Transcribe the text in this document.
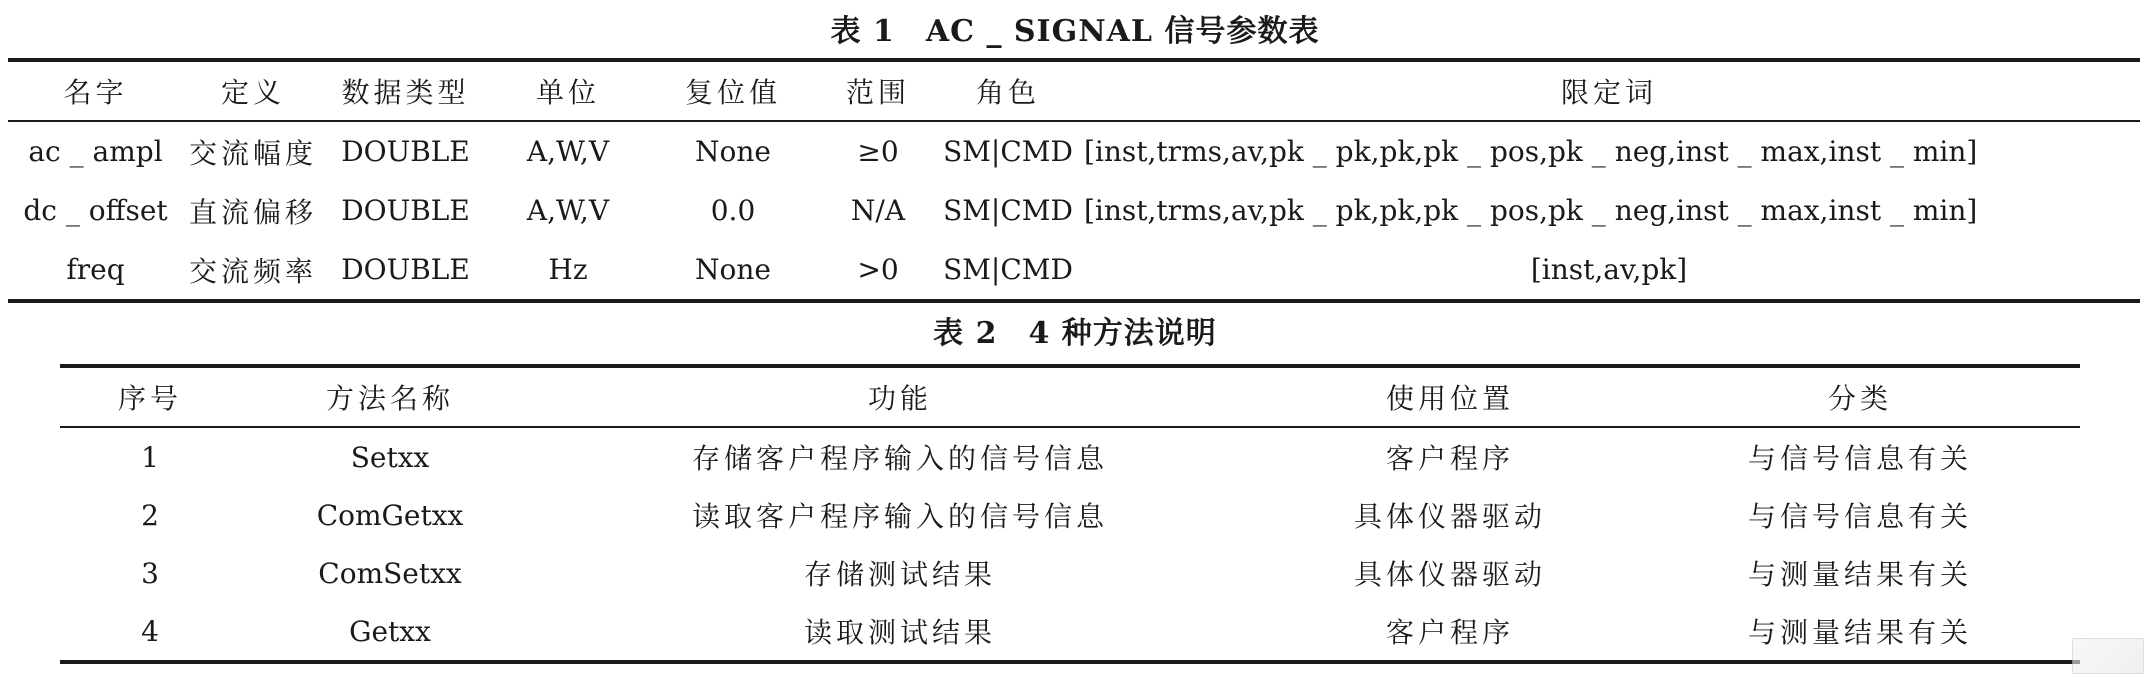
表 1　AC _ SIGNAL 信号参数表
名字	定义	数据类型	单位	复位值	范围	角色	限定词
ac _ ampl	交流幅度	DOUBLE	A,W,V	None	≥0	SM|CMD	[inst,trms,av,pk _ pk,pk,pk _ pos,pk _ neg,inst _ max,inst _ min]
dc _ offset	直流偏移	DOUBLE	A,W,V	0.0	N/A	SM|CMD	[inst,trms,av,pk _ pk,pk,pk _ pos,pk _ neg,inst _ max,inst _ min]
freq	交流频率	DOUBLE	Hz	None	>0	SM|CMD	[inst,av,pk]
表 2　4 种方法说明
序号	方法名称	功能	使用位置	分类
1	Setxx	存储客户程序输入的信号信息	客户程序	与信号信息有关
2	ComGetxx	读取客户程序输入的信号信息	具体仪器驱动	与信号信息有关
3	ComSetxx	存储测试结果	具体仪器驱动	与测量结果有关
4	Getxx	读取测试结果	客户程序	与测量结果有关
